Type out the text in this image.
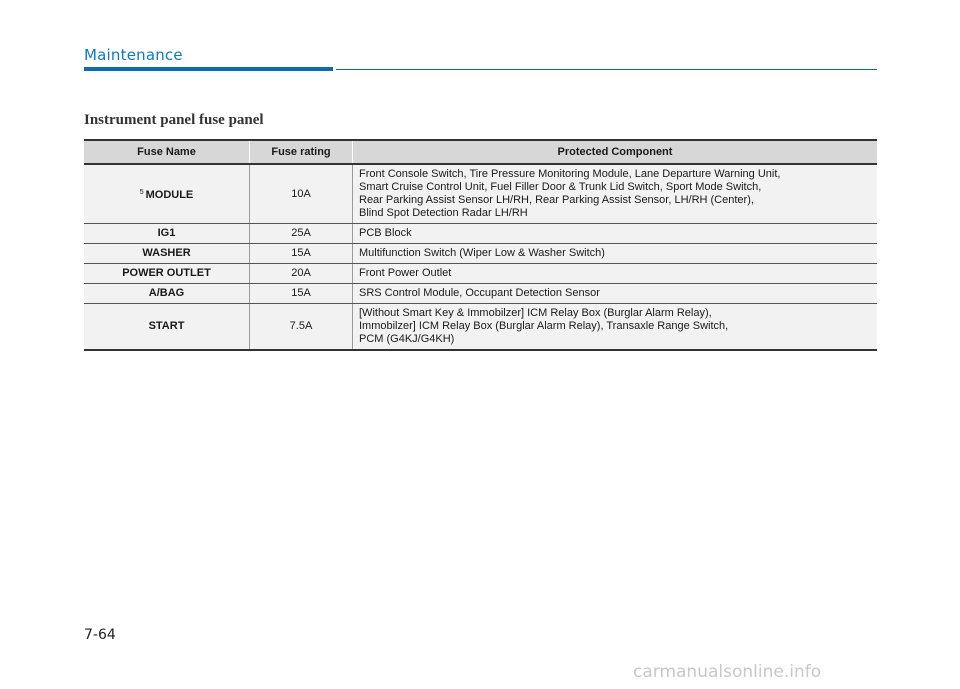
Maintenance
Instrument panel fuse panel
Fuse Name	Fuse rating	Protected Component
$^5$ MODULE	10A	Front Console Switch, Tire Pressure Monitoring Module, Lane Departure Warning Unit,
Smart Cruise Control Unit, Fuel Filler Door & Trunk Lid Switch, Sport Mode Switch,
Rear Parking Assist Sensor LH/RH, Rear Parking Assist Sensor, LH/RH (Center),
Blind Spot Detection Radar LH/RH

IG1	25A	PCB Block

WASHER	15A	Multifunction Switch (Wiper Low & Washer Switch)

POWER OUTLET	20A	Front Power Outlet

A/BAG	15A	SRS Control Module, Occupant Detection Sensor

START	7.5A	[Without Smart Key & Immobilzer] ICM Relay Box (Burglar Alarm Relay),
Immobilzer] ICM Relay Box (Burglar Alarm Relay), Transaxle Range Switch,
PCM (G4KJ/G4KH)
7-64
carmanualsonline.info
